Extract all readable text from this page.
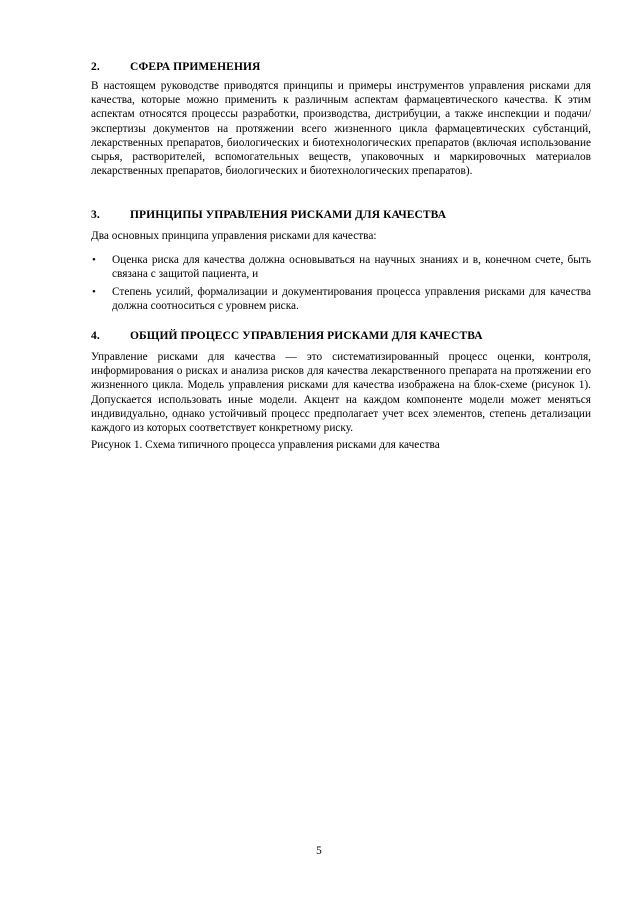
2.	СФЕРА ПРИМЕНЕНИЯ

В настоящем руководстве приводятся принципы и примеры инструментов управления рисками для качества, которые можно применить к различным аспектам фармацевтического качества. К этим аспектам относятся процессы разработки, производства, дистрибуции, а также инспекции и подачи/экспертизы документов на протяжении всего жизненного цикла фармацевтических субстанций, лекарственных препаратов, биологических и биотехнологических препаратов (включая использование сырья, растворителей, вспомогательных веществ, упаковочных и маркировочных материалов лекарственных препаратов, биологических и биотехнологических препаратов).

3.	ПРИНЦИПЫ УПРАВЛЕНИЯ РИСКАМИ ДЛЯ КАЧЕСТВА

Два основных принципа управления рисками для качества:

• Оценка риска для качества должна основываться на научных знаниях и в, конечном счете, быть связана с защитой пациента, и
• Степень усилий, формализации и документирования процесса управления рисками для качества должна соотноситься с уровнем риска.
4.	ОБЩИЙ ПРОЦЕСС УПРАВЛЕНИЯ РИСКАМИ ДЛЯ КАЧЕСТВА

Управление рисками для качества — это систематизированный процесс оценки, контроля, информирования о рисках и анализа рисков для качества лекарственного препарата на протяжении его жизненного цикла. Модель управления рисками для качества изображена на блок-схеме (рисунок 1). Допускается использовать иные модели. Акцент на каждом компоненте модели может меняться индивидуально, однако устойчивый процесс предполагает учет всех элементов, степень детализации каждого из которых соответствует конкретному риску.

Рисунок 1. Схема типичного процесса управления рисками для качества

5
